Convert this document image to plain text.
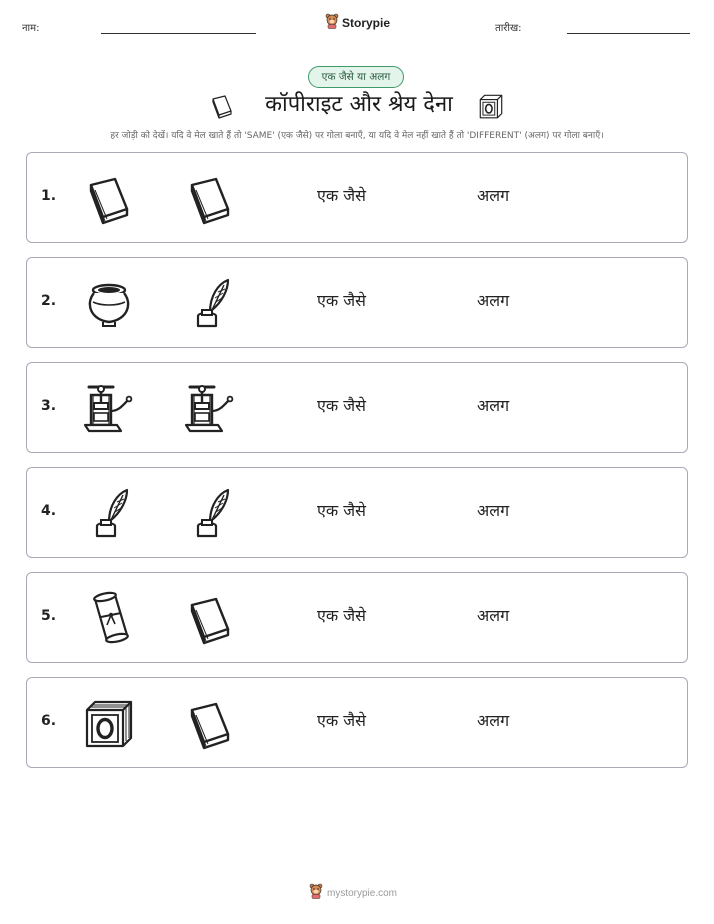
नाम:	Storypie	तारीख:
एक जैसे या अलग
कॉपीराइट और श्रेय देना
हर जोड़ी को देखें। यदि वे मेल खाते हैं तो 'SAME' (एक जैसे) पर गोला बनाएँ, या यदि वे मेल नहीं खाते हैं तो 'DIFFERENT' (अलग) पर गोला बनाएँ।
1.	एक जैसे	अलग
2.	एक जैसे	अलग
3.	एक जैसे	अलग
4.	एक जैसे	अलग
5.	एक जैसे	अलग
6.	एक जैसे	अलग
mystorypie.com
